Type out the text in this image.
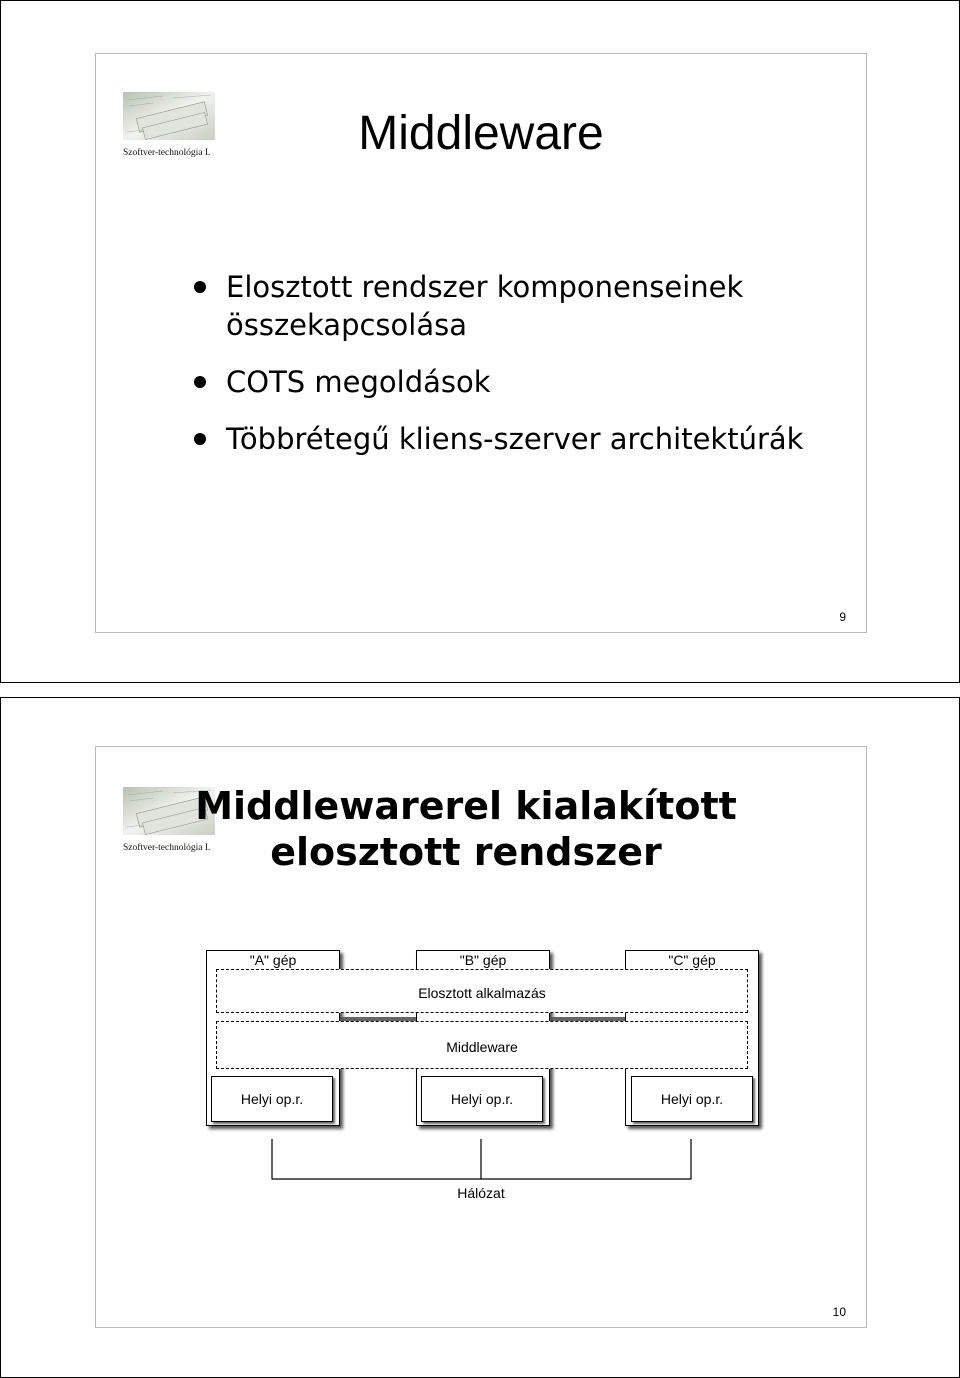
Szoftver-technológia I.	Middleware
Elosztott rendszer komponenseinek összekapcsolása
COTS megoldások
Többrétegű kliens-szerver architektúrák
9
Szoftver-technológia I.
Middlewarerel kialakított
elosztott rendszer
"A" gép	"B" gép	"C" gép
Elosztott alkalmazás
Middleware
Helyi op.r.	Helyi op.r.	Helyi op.r.
Hálózat
10
